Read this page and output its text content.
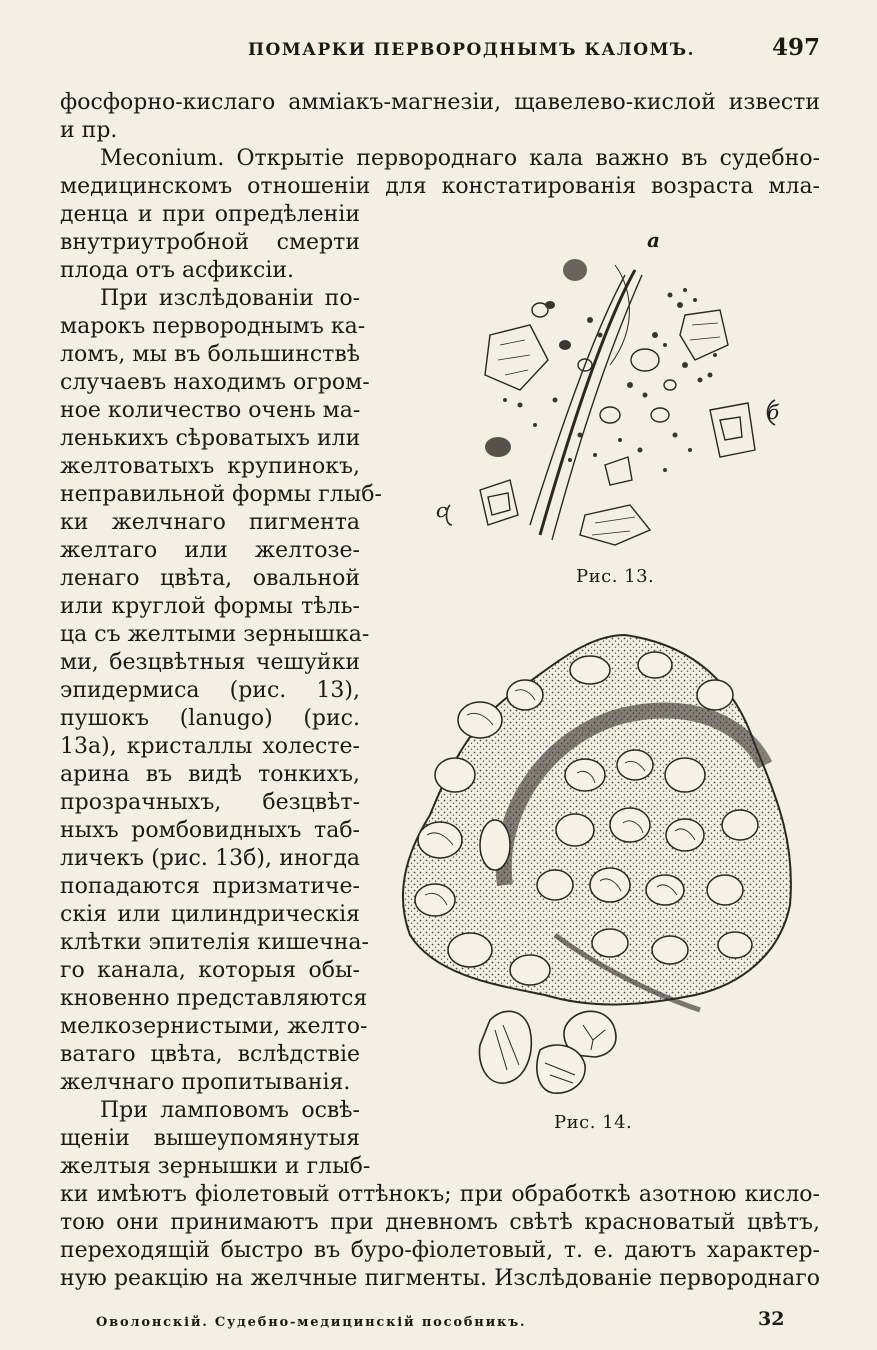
ПОМАРКИ ПЕРВОРОДНЫМЪ КАЛОМЪ.	497
фосфорно-кислаго амміакъ-магнезіи, щавелево-кислой извести
и пр.
Meconium. Открытіе первороднаго кала важно въ судебно-
медицинскомъ отношеніи для констатированія возраста мла-
денца и при опредѣленіи
внутриутробной смерти
плода отъ асфиксіи.
При изслѣдованіи по-
марокъ первороднымъ ка-
ломъ, мы въ большинствѣ
случаевъ находимъ огром-
ное количество очень ма-
ленькихъ сѣроватыхъ или
желтоватыхъ крупинокъ,
неправильной формы глыб-
ки желчнаго пигмента
желтаго или желтозе-
ленаго цвѣта, овальной
или круглой формы тѣль-
ца съ желтыми зернышка-
ми, безцвѣтныя чешуйки
эпидермиса (рис. 13),
пушокъ (lanugo) (рис.
13а), кристаллы холесте-
арина въ видѣ тонкихъ,
прозрачныхъ, безцвѣт-
ныхъ ромбовидныхъ таб-
личекъ (рис. 13б), иногда
попадаются призматиче-
скія или цилиндрическія
клѣтки эпителія кишечна-
го канала, которыя обы-
кновенно представляются
мелкозернистыми, желто-
ватаго цвѣта, вслѣдствіе
желчнаго пропитыванія.
При ламповомъ освѣ-
щеніи вышеупомянутыя
желтыя зернышки и глыб-
ки имѣютъ фіолетовый оттѣнокъ; при обработкѣ азотною кисло-
тою они принимаютъ при дневномъ свѣтѣ красноватый цвѣтъ,
переходящій быстро въ буро-фіолетовый, т. е. даютъ характер-
ную реакцію на желчные пигменты. Изслѣдованіе первороднаго
a
б
с
Рис. 13.
Рис. 14.
Оволонскій. Судебно-медицинскій пособникъ.	32
